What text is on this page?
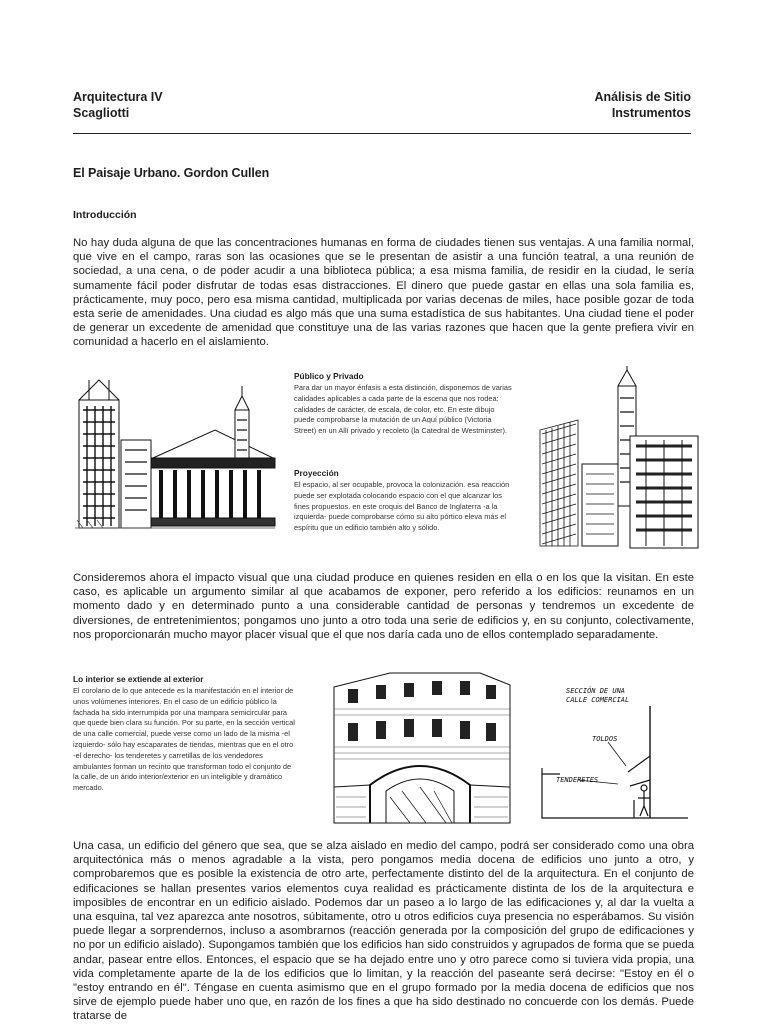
Arquitectura IV
Scagliotti
Análisis de Sitio
Instrumentos
El Paisaje Urbano. Gordon Cullen
Introducción

No hay duda alguna de que las concentraciones humanas en forma de ciudades tienen sus ventajas. A una familia normal, que vive en el campo, raras son las ocasiones que se le presentan de asistir a una función teatral, a una reunión de sociedad, a una cena, o de poder acudir a una biblioteca pública; a esa misma familia, de residir en la ciudad, le sería sumamente fácil poder disfrutar de todas esas distracciones. El dinero que puede gastar en ellas una sola familia es, prácticamente, muy poco, pero esa misma cantidad, multiplicada por varias decenas de miles, hace posible gozar de toda esta serie de amenidades. Una ciudad es algo más que una suma estadística de sus habitantes. Una ciudad tiene el poder de generar un excedente de amenidad que constituye una de las varias razones que hacen que la gente prefiera vivir en comunidad a hacerlo en el aislamiento.

Público y Privado

Para dar un mayor énfasis a esta distinción, disponemos de varias calidades aplicables a cada parte de la escena que nos rodea: calidades de carácter, de escala, de color, etc. En este dibujo puede comprobarse la mutación de un Aquí público (Victoria Street) en un Allí privado y recoleto (la Catedral de Westminster).

Proyección

El espacio, al ser ocupable, provoca la colonización. esa reacción puede ser explotada colocando espacio con el que alcanzar los fines propuestos. en este croquis del Banco de Inglaterra -a la izquierda- puede comprobarse cómo su alto pórtico eleva más el espíritu que un edificio también alto y sólido.

Consideremos ahora el impacto visual que una ciudad produce en quienes residen en ella o en los que la visitan. En este caso, es aplicable un argumento similar al que acabamos de exponer, pero referido a los edificios: reunamos en un momento dado y en determinado punto a una considerable cantidad de personas y tendremos un excedente de diversiones, de entretenimientos; pongamos uno junto a otro toda una serie de edificios y, en su conjunto, colectivamente, nos proporcionarán mucho mayor placer visual que el que nos daría cada uno de ellos contemplado separadamente.

Lo interior se extiende al exterior

El corolario de lo que antecede es la manifestación en el interior de unos volúmenes interiores. En el caso de un edificio público la fachada ha sido interrumpida por una mampara semicircular para que quede bien clara su función. Por su parte, en la sección vertical de una calle comercial, puede verse como un lado de la misma -el izquierdo- sólo hay escaparates de tiendas, mientras que en el otro -el derecho- los tenderetes y carretillas de los vendedores ambulantes forman un recinto que transforman todo el conjunto de la calle, de un árido interior/exterior en un inteligible y dramático mercado.

SECCIÓN DE UNA
CALLE COMERCIAL
TOLDOS
TENDERETES

Una casa, un edificio del género que sea, que se alza aislado en medio del campo, podrá ser considerado como una obra arquitectónica más o menos agradable a la vista, pero pongamos media docena de edificios uno junto a otro, y comprobaremos que es posible la existencia de otro arte, perfectamente distinto del de la arquitectura. En el conjunto de edificaciones se hallan presentes varios elementos cuya realidad es prácticamente distinta de los de la arquitectura e imposibles de encontrar en un edificio aislado. Podemos dar un paseo a lo largo de las edificaciones y, al dar la vuelta a una esquina, tal vez aparezca ante nosotros, súbitamente, otro u otros edificios cuya presencia no esperábamos. Su visión puede llegar a sorprendernos, incluso a asombrarnos (reacción generada por la composición del grupo de edificaciones y no por un edificio aislado). Supongamos también que los edificios han sido construidos y agrupados de forma que se pueda andar, pasear entre ellos. Entonces, el espacio que se ha dejado entre uno y otro parece como si tuviera vida propia, una vida completamente aparte de la de los edificios que lo limitan, y la reacción del paseante será decirse: "Estoy en él o "estoy entrando en él". Téngase en cuenta asimismo que en el grupo formado por la media docena de edificios que nos sirve de ejemplo puede haber uno que, en razón de los fines a que ha sido destinado no concuerde con los demás. Puede tratarse de
